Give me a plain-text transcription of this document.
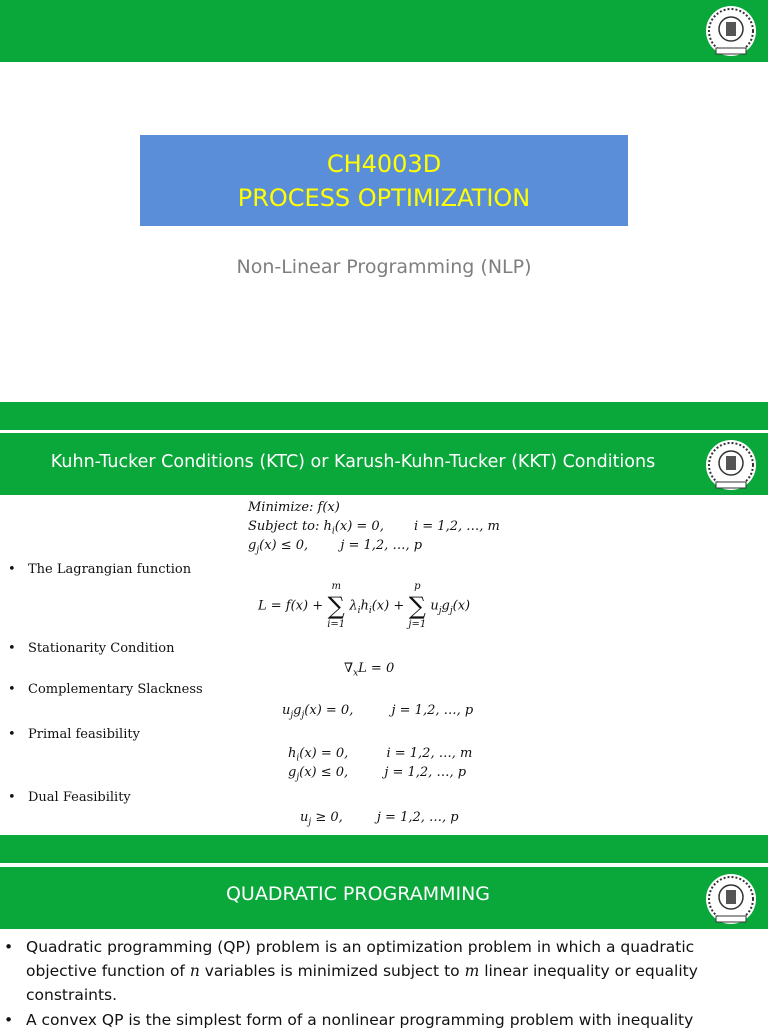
CH4003D
PROCESS OPTIMIZATION
Non-Linear Programming (NLP)
Kuhn-Tucker Conditions (KTC) or Karush-Kuhn-Tucker (KKT) Conditions
Minimize: f(x)
Subject to: $h_i(x) = 0$, i = 1,2, …, m
$g_j(x) \le 0$, j = 1,2, …, p
• The Lagrangian function
L = f(x) +
m
∑
i=1
$\lambda_ih_i(x)$ +
p
∑
j=1
$u_jg_j(x)$
• Stationarity Condition
$\nabla_xL = 0$
• Complementary Slackness
$u_jg_j(x) = 0$,	j = 1,2, …, p
• Primal feasibility
$h_i(x) = 0$,	i = 1,2, …, m
$g_j(x) \le 0$,	j = 1,2, …, p
• Dual Feasibility
$u_j \ge 0$,	j = 1,2, …, p
QUADRATIC PROGRAMMING
• Quadratic programming (QP) problem is an optimization problem in which a quadratic
objective function of n variables is minimized subject to m linear inequality or equality
constraints.
• A convex QP is the simplest form of a nonlinear programming problem with inequality
